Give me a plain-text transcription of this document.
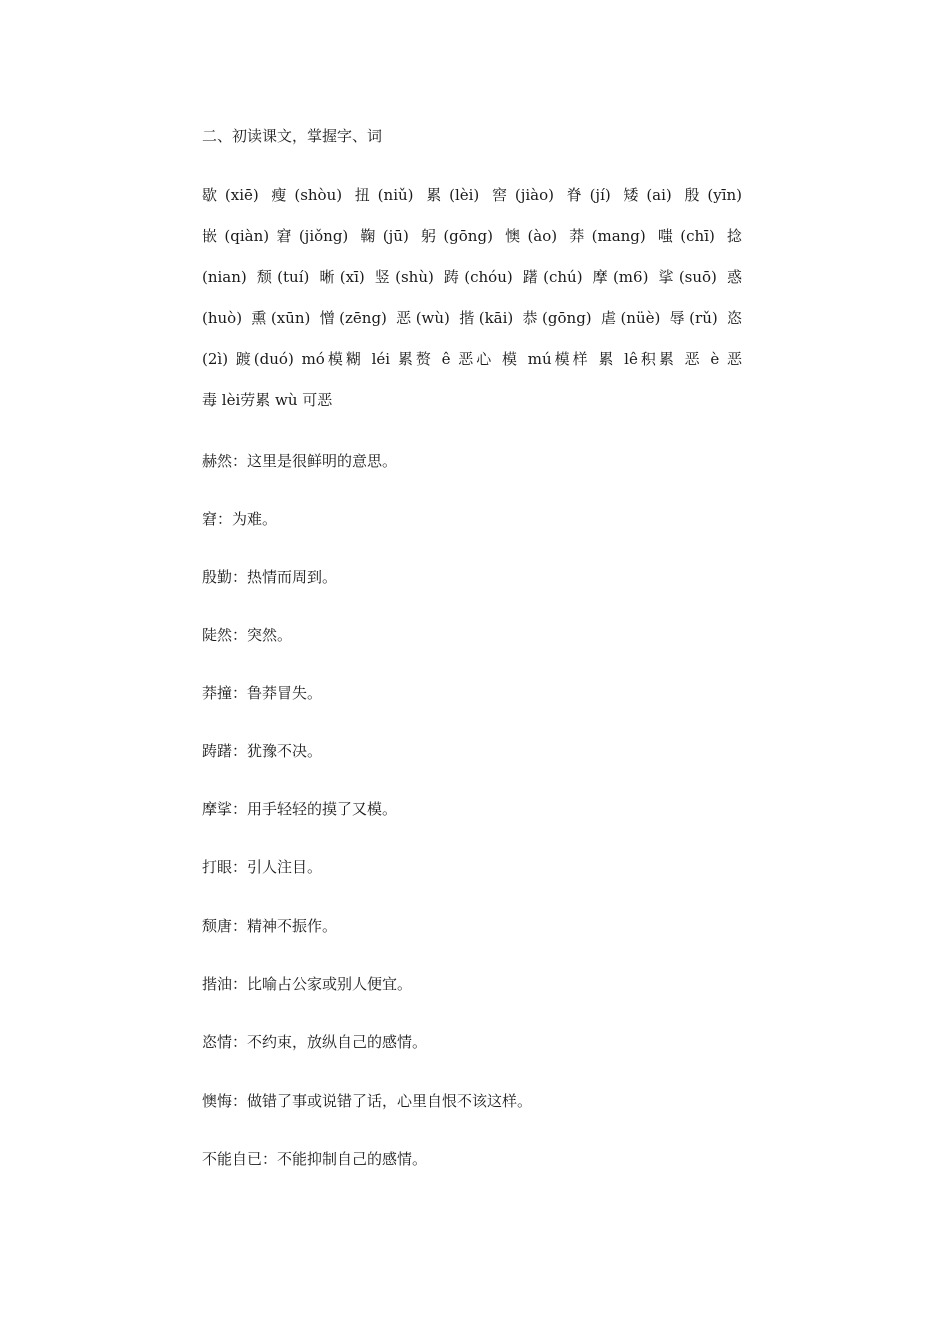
二、初读课文，掌握字、词
歇(xiē) 瘦(shòu) 扭(niǔ) 累(lèi) 窖(jiào) 脊(jí) 矮(ai) 殷(yīn)
嵌(qiàn)窘(jiǒng) 鞠(jū) 躬(gōng) 懊(ào) 莽(mang) 嗤(chī) 捻
(nian) 颓(tuí) 晰(xī) 竖(shù) 踌(chóu) 躇(chú) 摩(m6) 挲(suō) 惑
(huò) 熏(xūn) 憎(zēng) 恶(wù) 揩(kāi) 恭(gōng) 虐(nüè) 辱(rǔ) 恣
(2ì) 踱(duó) mó模糊 léi 累赘 ê 恶心 模 mú模样 累 lê积累 恶 è 恶
毒 lèi劳累 wù 可恶
赫然：这里是很鲜明的意思。
窘：为难。
殷勤：热情而周到。
陡然：突然。
莽撞：鲁莽冒失。
踌躇：犹豫不决。
摩挲：用手轻轻的摸了又模。
打眼：引人注目。
颓唐：精神不振作。
揩油：比喻占公家或别人便宜。
恣情：不约束，放纵自己的感情。
懊悔：做错了事或说错了话，心里自恨不该这样。
不能自已：不能抑制自己的感情。
